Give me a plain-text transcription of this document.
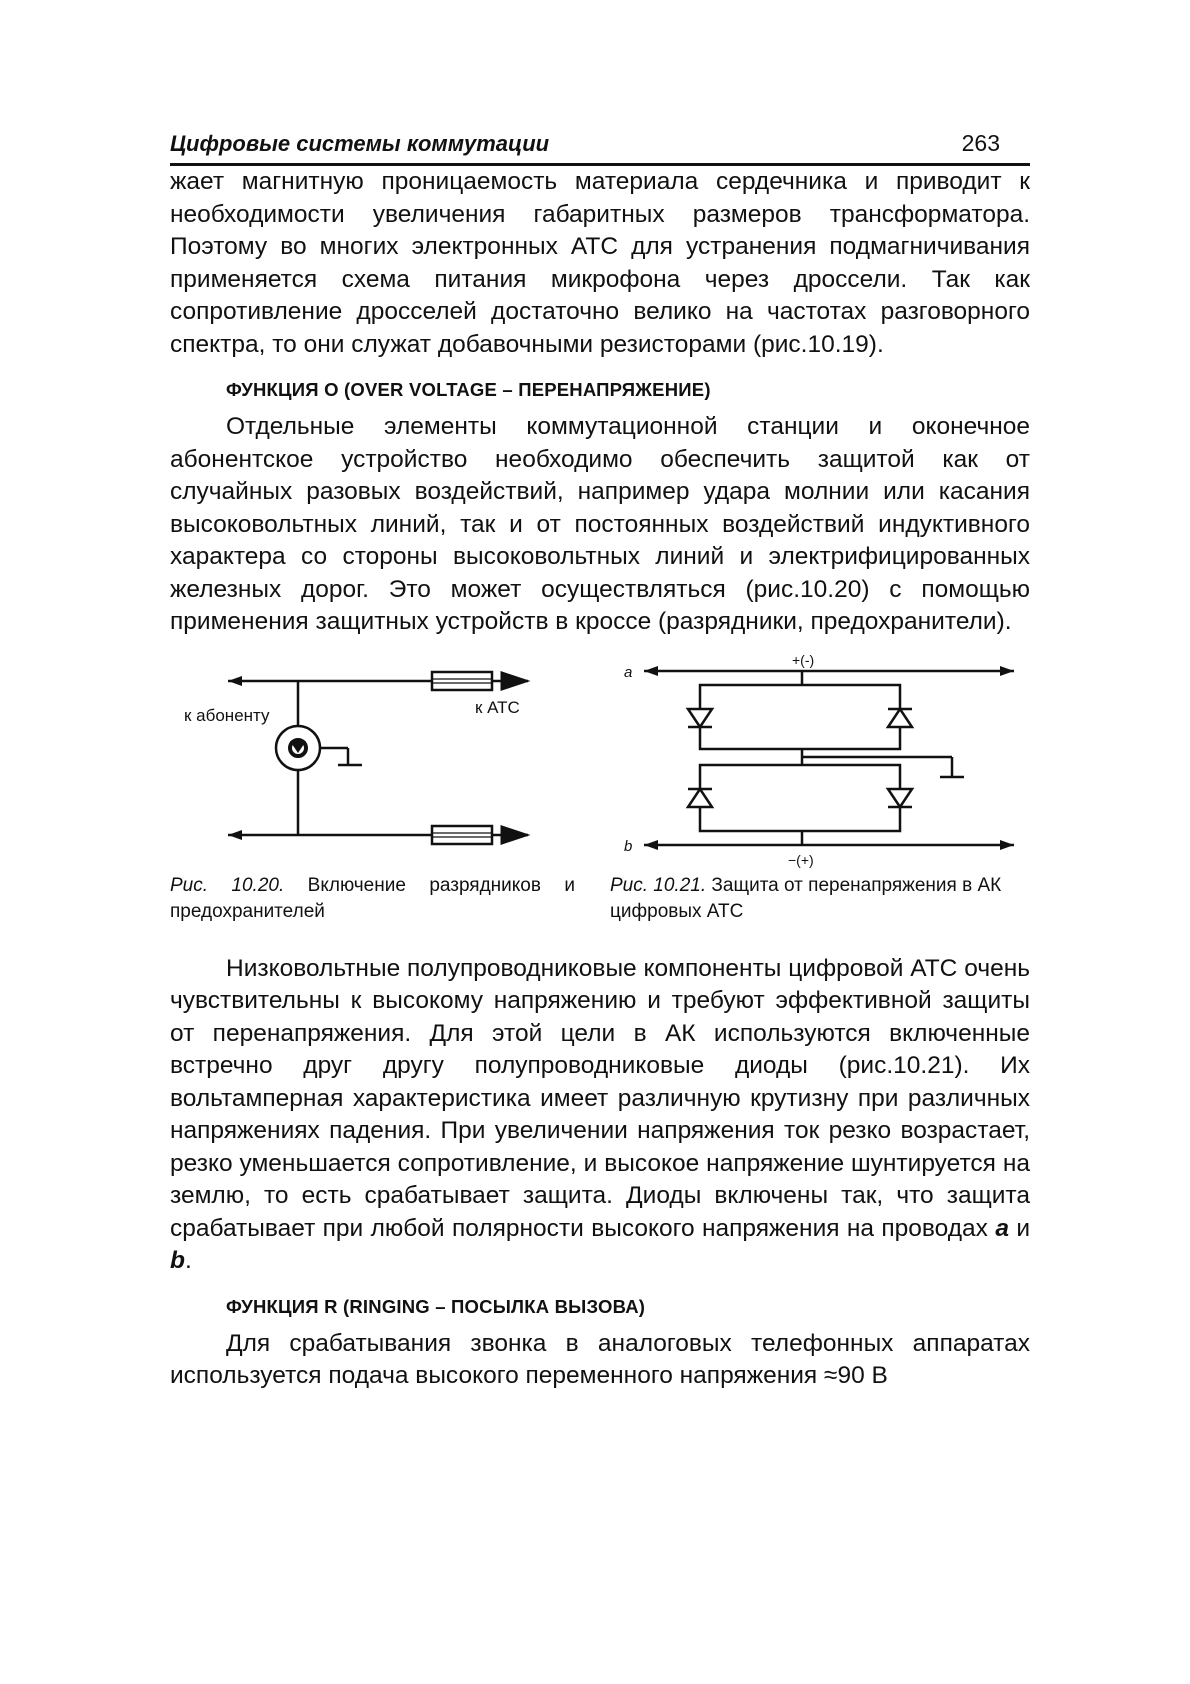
Цифровые системы коммутации	263

жает магнитную проницаемость материала сердечника и приводит к необходимости увеличения габаритных размеров трансформатора. Поэтому во многих электронных АТС для устранения подмагничивания применяется схема питания микрофона через дроссели. Так как сопротивление дросселей достаточно велико на частотах разговорного спектра, то они служат добавочными резисторами (рис.10.19).

ФУНКЦИЯ О (OVER VOLTAGE – ПЕРЕНАПРЯЖЕНИЕ)

Отдельные элементы коммутационной станции и оконечное абонентское устройство необходимо обеспечить защитой как от случайных разовых воздействий, например удара молнии или касания высоковольтных линий, так и от постоянных воздействий индуктивного характера со стороны высоковольтных линий и электрифицированных железных дорог. Это может осуществляться (рис.10.20) с помощью применения защитных устройств в кроссе (разрядники, предохранители).

к абоненту	к АТС
a
b
+(-)
−(+)
Рис. 10.20. Включение разрядников и предохранителей
Рис. 10.21. Защита от перенапряжения в АК цифровых АТС

Низковольтные полупроводниковые компоненты цифровой АТС очень чувствительны к высокому напряжению и требуют эффективной защиты от перенапряжения. Для этой цели в АК используются включенные встречно друг другу полупроводниковые диоды (рис.10.21). Их вольтамперная характеристика имеет различную крутизну при различных напряжениях падения. При увеличении напряжения ток резко возрастает, резко уменьшается сопротивление, и высокое напряжение шунтируется на землю, то есть срабатывает защита. Диоды включены так, что защита срабатывает при любой полярности высокого напряжения на проводах a и b.

ФУНКЦИЯ R (RINGING – ПОСЫЛКА ВЫЗОВА)

Для срабатывания звонка в аналоговых телефонных аппаратах используется подача высокого переменного напряжения ≈90 В
